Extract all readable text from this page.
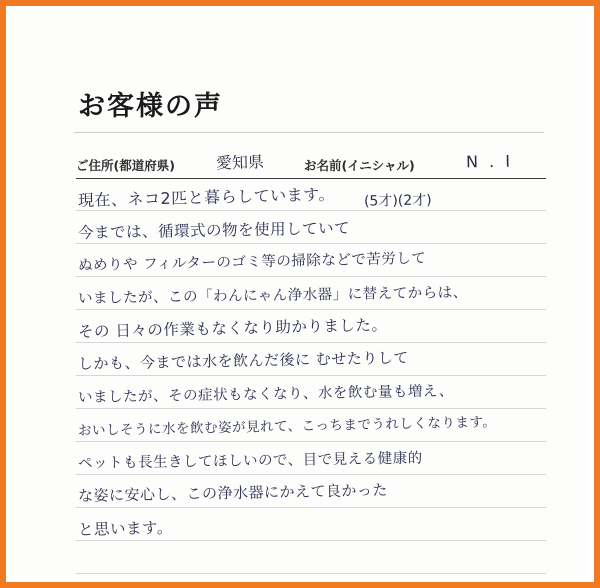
お客様の声
ご住所(都道府県)	愛知県	お名前(イニシャル)	N . I
現在、ネコ2匹と暮らしています。	(5才)(2才)
今までは、循環式の物を使用していて
ぬめりや フィルターのゴミ等の掃除などで苦労して
いましたが、この「わんにゃん浄水器」に替えてからは、
その 日々の作業もなくなり助かりました。
しかも、今までは水を飲んだ後に むせたりして
いましたが、その症状もなくなり、水を飲む量も増え、
おいしそうに水を飲む姿が見れて、こっちまでうれしくなります。
ペットも長生きしてほしいので、目で見える健康的
な姿に安心し、この浄水器にかえて良かった
と思います。
